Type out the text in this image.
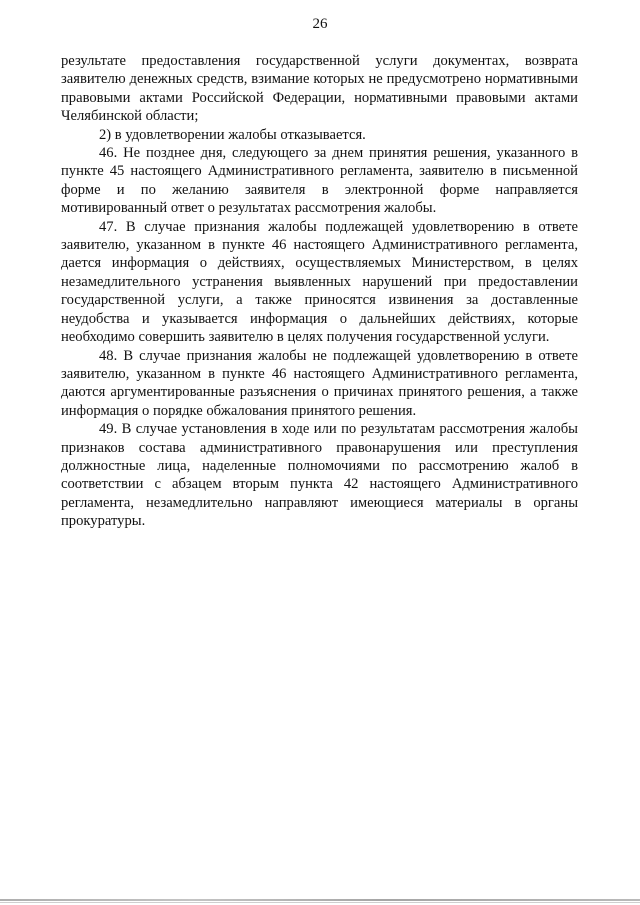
26

результате предоставления государственной услуги документах, возврата заявителю денежных средств, взимание которых не предусмотрено нормативными правовыми актами Российской Федерации, нормативными правовыми актами Челябинской области;

2) в удовлетворении жалобы отказывается.

46. Не позднее дня, следующего за днем принятия решения, указанного в пункте 45 настоящего Административного регламента, заявителю в письменной форме и по желанию заявителя в электронной форме направляется мотивированный ответ о результатах рассмотрения жалобы.

47. В случае признания жалобы подлежащей удовлетворению в ответе заявителю, указанном в пункте 46 настоящего Административного регламента, дается информация о действиях, осуществляемых Министерством, в целях незамедлительного устранения выявленных нарушений при предоставлении государственной услуги, а также приносятся извинения за доставленные неудобства и указывается информация о дальнейших действиях, которые необходимо совершить заявителю в целях получения государственной услуги.

48. В случае признания жалобы не подлежащей удовлетворению в ответе заявителю, указанном в пункте 46 настоящего Административного регламента, даются аргументированные разъяснения о причинах принятого решения, а также информация о порядке обжалования принятого решения.

49. В случае установления в ходе или по результатам рассмотрения жалобы признаков состава административного правонарушения или преступления должностные лица, наделенные полномочиями по рассмотрению жалоб в соответствии с абзацем вторым пункта 42 настоящего Административного регламента, незамедлительно направляют имеющиеся материалы в органы прокуратуры.
